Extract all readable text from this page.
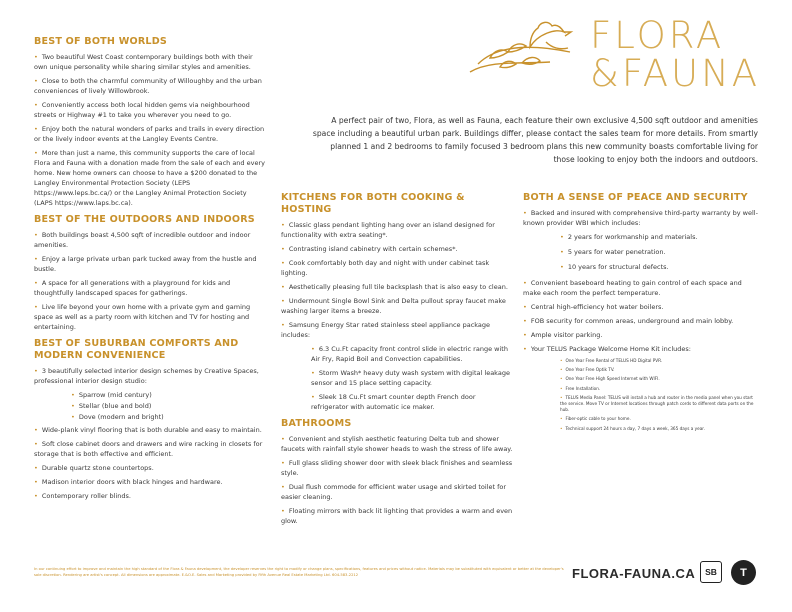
FLORA
&FAUNA

A perfect pair of two, Flora, as well as Fauna, each feature their own exclusive 4,500 sqft outdoor and amenities space including a beautiful urban park. Buildings differ, please contact the sales team for more details. From smartly planned 1 and 2 bedrooms to family focused 3 bedroom plans this new community boasts comfortable living for those looking to enjoy both the indoors and outdoors.

BEST OF BOTH WORLDS

• Two beautiful West Coast contemporary buildings both with their own unique personality while sharing similar styles and amenities.

• Close to both the charmful community of Willoughby and the urban conveniences of lively Willowbrook.

• Conveniently access both local hidden gems via neighbourhood streets or Highway #1 to take you wherever you need to go.

• Enjoy both the natural wonders of parks and trails in every direction or the lively indoor events at the Langley Events Centre.

• More than just a name, this community supports the care of local Flora and Fauna with a donation made from the sale of each and every home. New home owners can choose to have a $200 donated to the Langley Environmental Protection Society (LEPS https://www.leps.bc.ca/) or the Langley Animal Protection Society (LAPS https://www.laps.bc.ca).

BEST OF THE OUTDOORS AND INDOORS

• Both buildings boast 4,500 sqft of incredible outdoor and indoor amenities.

• Enjoy a large private urban park tucked away from the hustle and bustle.

• A space for all generations with a playground for kids and thoughtfully landscaped spaces for gatherings.

• Live life beyond your own home with a private gym and gaming space as well as a party room with kitchen and TV for hosting and entertaining.

BEST OF SUBURBAN COMFORTS AND MODERN CONVENIENCE

• 3 beautifully selected interior design schemes by Creative Spaces, professional interior design studio:

• Sparrow (mid century)

• Stellar (blue and bold)

• Dove (modern and bright)

• Wide-plank vinyl flooring that is both durable and easy to maintain.

• Soft close cabinet doors and drawers and wire racking in closets for storage that is both effective and efficient.

• Durable quartz stone countertops.

• Madison interior doors with black hinges and hardware.

• Contemporary roller blinds.

KITCHENS FOR BOTH COOKING & HOSTING

• Classic glass pendant lighting hang over an island designed for functionality with extra seating*.

• Contrasting island cabinetry with certain schemes*.

• Cook comfortably both day and night with under cabinet task lighting.

• Aesthetically pleasing full tile backsplash that is also easy to clean.

• Undermount Single Bowl Sink and Delta pullout spray faucet make washing larger items a breeze.

• Samsung Energy Star rated stainless steel appliance package includes:

• 6.3 Cu.Ft capacity front control slide in electric range with Air Fry, Rapid Boil and Convection capabilities.

• Storm Wash* heavy duty wash system with digital leakage sensor and 15 place setting capacity.

• Sleek 18 Cu.Ft smart counter depth French door refrigerator with automatic ice maker.

BATHROOMS

• Convenient and stylish aesthetic featuring Delta tub and shower faucets with rainfall style shower heads to wash the stress of life away.

• Full glass sliding shower door with sleek black finishes and seamless style.

• Dual flush commode for efficient water usage and skirted toilet for easier cleaning.

• Floating mirrors with back lit lighting that provides a warm and even glow.

BOTH A SENSE OF PEACE AND SECURITY

• Backed and insured with comprehensive third-party warranty by well-known provider WBI which includes:

• 2 years for workmanship and materials.

• 5 years for water penetration.

• 10 years for structural defects.

• Convenient baseboard heating to gain control of each space and make each room the perfect temperature.

• Central high-efficiency hot water boilers.

• FOB security for common areas, underground and main lobby.

• Ample visitor parking.

• Your TELUS Package Welcome Home Kit includes:

• One Year Free Rental of TELUS HD Digital PVR.

• One Year Free Optik TV.

• One Year Free High Speed Internet with WIFI.

• Free Installation.

• TELUS Media Panel: TELUS will install a hub and router in the media panel when you start the service. Move TV or Internet locations through patch cords to different data ports on the hub.

• Fiber-optic cable to your home.

• Technical support 24 hours a day, 7 days a week, 365 days a year.

In our continuing effort to improve and maintain the high standard of the Flora & Fauna development, the developer reserves the right to modify or change plans, specifications, features and prices without notice. Materials may be substituted with equivalent or better at the developer's sole discretion. Rendering are artist's concept. All dimensions are approximate. E.&O.E. Sales and Marketing provided by Fifth Avenue Real Estate Marketing Ltd. 604-583-2212	FLORA-FAUNA.CA SB T
